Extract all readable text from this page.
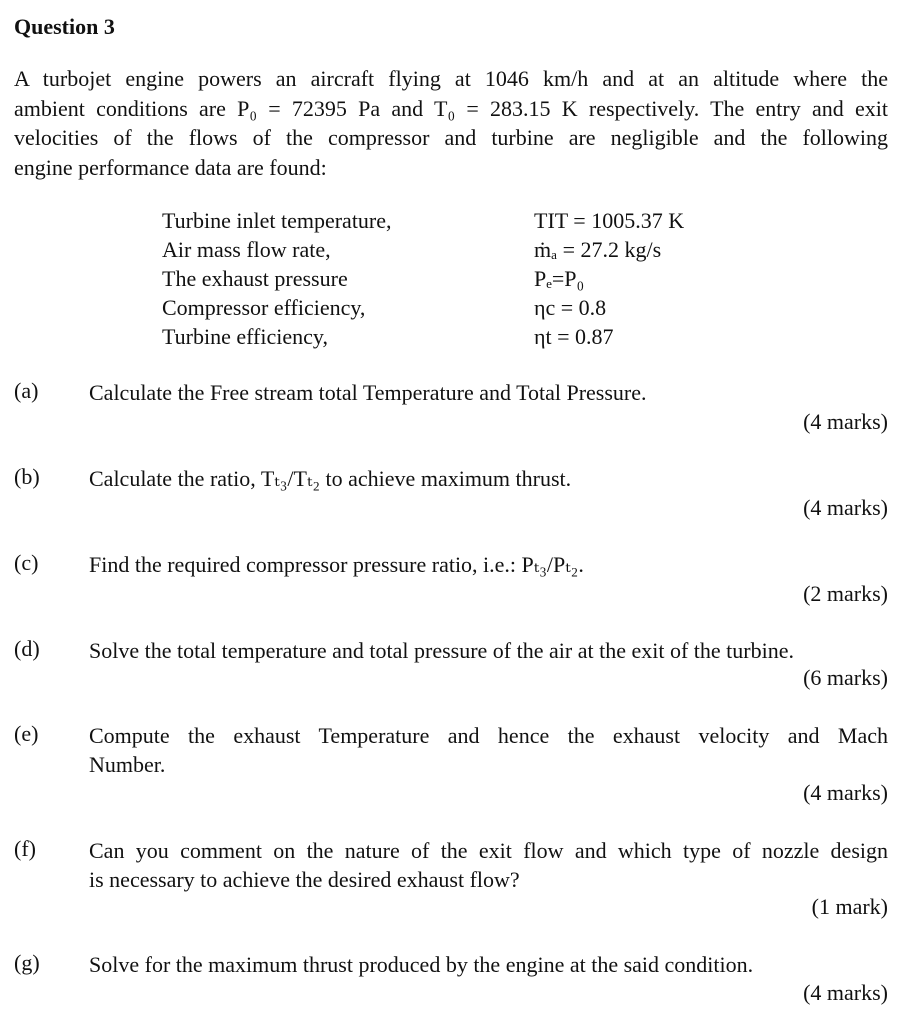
Question 3
A turbojet engine powers an aircraft flying at 1046 km/h and at an altitude where the
ambient conditions are P₀ = 72395 Pa and T₀ = 283.15 K respectively. The entry and exit
velocities of the flows of the compressor and turbine are negligible and the following
engine performance data are found:
Turbine inlet temperature,	TIT = 1005.37 K
Air mass flow rate,	ṁₐ = 27.2 kg/s
The exhaust pressure	Pₑ=P₀
Compressor efficiency,	ηc = 0.8
Turbine efficiency,	ηt = 0.87
(a) Calculate the Free stream total Temperature and Total Pressure.
(4 marks)
(b) Calculate the ratio, Tₜ₃/Tₜ₂ to achieve maximum thrust.
(4 marks)
(c) Find the required compressor pressure ratio, i.e.: Pₜ₃/Pₜ₂.
(2 marks)
(d) Solve the total temperature and total pressure of the air at the exit of the turbine.
(6 marks)
(e) Compute the exhaust Temperature and hence the exhaust velocity and Mach
Number.
(4 marks)
(f) Can you comment on the nature of the exit flow and which type of nozzle design
is necessary to achieve the desired exhaust flow?
(1 mark)
(g) Solve for the maximum thrust produced by the engine at the said condition.
(4 marks)
